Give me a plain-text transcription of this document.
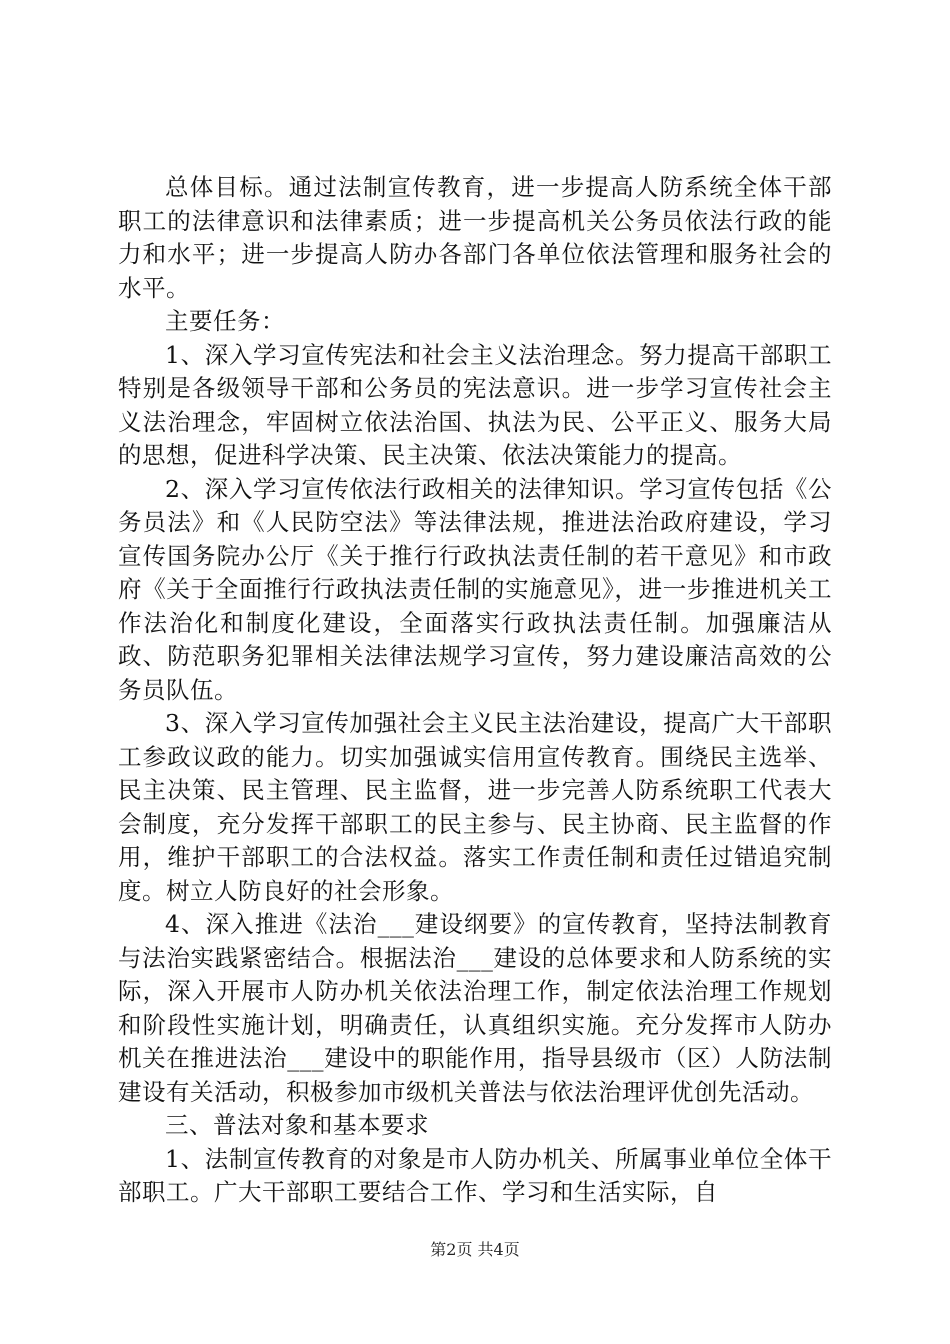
总体目标。通过法制宣传教育，进一步提高人防系统全体干部职工的法律意识和法律素质；进一步提高机关公务员依法行政的能力和水平；进一步提高人防办各部门各单位依法管理和服务社会的水平。

主要任务：

1、深入学习宣传宪法和社会主义法治理念。努力提高干部职工特别是各级领导干部和公务员的宪法意识。进一步学习宣传社会主义法治理念，牢固树立依法治国、执法为民、公平正义、服务大局的思想，促进科学决策、民主决策、依法决策能力的提高。

2、深入学习宣传依法行政相关的法律知识。学习宣传包括《公务员法》和《人民防空法》等法律法规，推进法治政府建设，学习宣传国务院办公厅《关于推行行政执法责任制的若干意见》和市政府《关于全面推行行政执法责任制的实施意见》，进一步推进机关工作法治化和制度化建设，全面落实行政执法责任制。加强廉洁从政、防范职务犯罪相关法律法规学习宣传，努力建设廉洁高效的公务员队伍。

3、深入学习宣传加强社会主义民主法治建设，提高广大干部职工参政议政的能力。切实加强诚实信用宣传教育。围绕民主选举、民主决策、民主管理、民主监督，进一步完善人防系统职工代表大会制度，充分发挥干部职工的民主参与、民主协商、民主监督的作用，维护干部职工的合法权益。落实工作责任制和责任过错追究制度。树立人防良好的社会形象。

4、深入推进《法治___建设纲要》的宣传教育，坚持法制教育与法治实践紧密结合。根据法治___建设的总体要求和人防系统的实际，深入开展市人防办机关依法治理工作，制定依法治理工作规划和阶段性实施计划，明确责任，认真组织实施。充分发挥市人防办机关在推进法治___建设中的职能作用，指导县级市（区）人防法制建设有关活动，积极参加市级机关普法与依法治理评优创先活动。

三、普法对象和基本要求

1、法制宣传教育的对象是市人防办机关、所属事业单位全体干部职工。广大干部职工要结合工作、学习和生活实际，自

第2页 共4页
